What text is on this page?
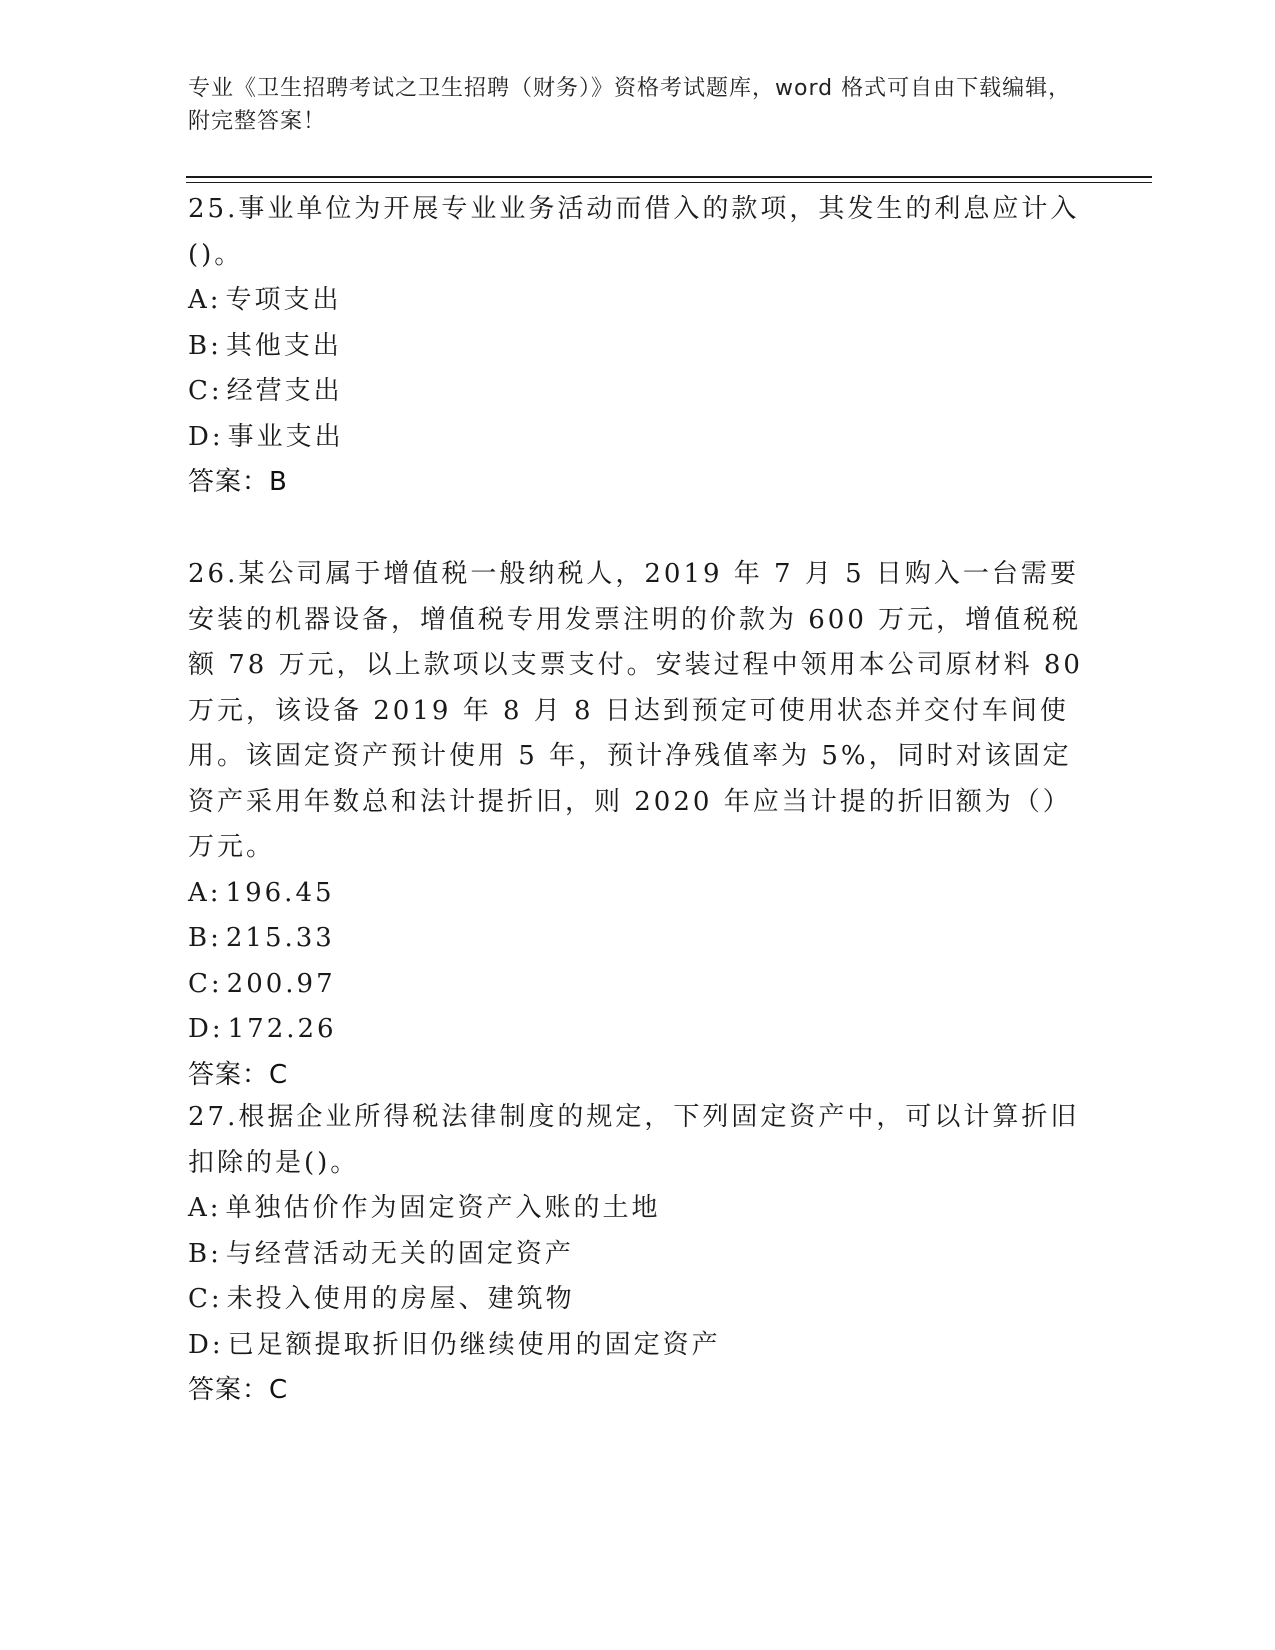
专业《卫生招聘考试之卫生招聘（财务）》资格考试题库，word 格式可自由下载编辑，附完整答案！

25.事业单位为开展专业业务活动而借入的款项，其发生的利息应计入()。

A: 专项支出

B: 其他支出

C: 经营支出

D: 事业支出

答案：B

26.某公司属于增值税一般纳税人，2019 年 7 月 5 日购入一台需要安装的机器设备，增值税专用发票注明的价款为 600 万元，增值税税额 78 万元，以上款项以支票支付。安装过程中领用本公司原材料 80 万元，该设备 2019 年 8 月 8 日达到预定可使用状态并交付车间使用。该固定资产预计使用 5 年，预计净残值率为 5%，同时对该固定资产采用年数总和法计提折旧，则 2020 年应当计提的折旧额为（）万元。

A: 196.45

B: 215.33

C: 200.97

D: 172.26

答案：C

27.根据企业所得税法律制度的规定，下列固定资产中，可以计算折旧扣除的是()。

A: 单独估价作为固定资产入账的土地

B: 与经营活动无关的固定资产

C: 未投入使用的房屋、建筑物

D: 已足额提取折旧仍继续使用的固定资产

答案：C
